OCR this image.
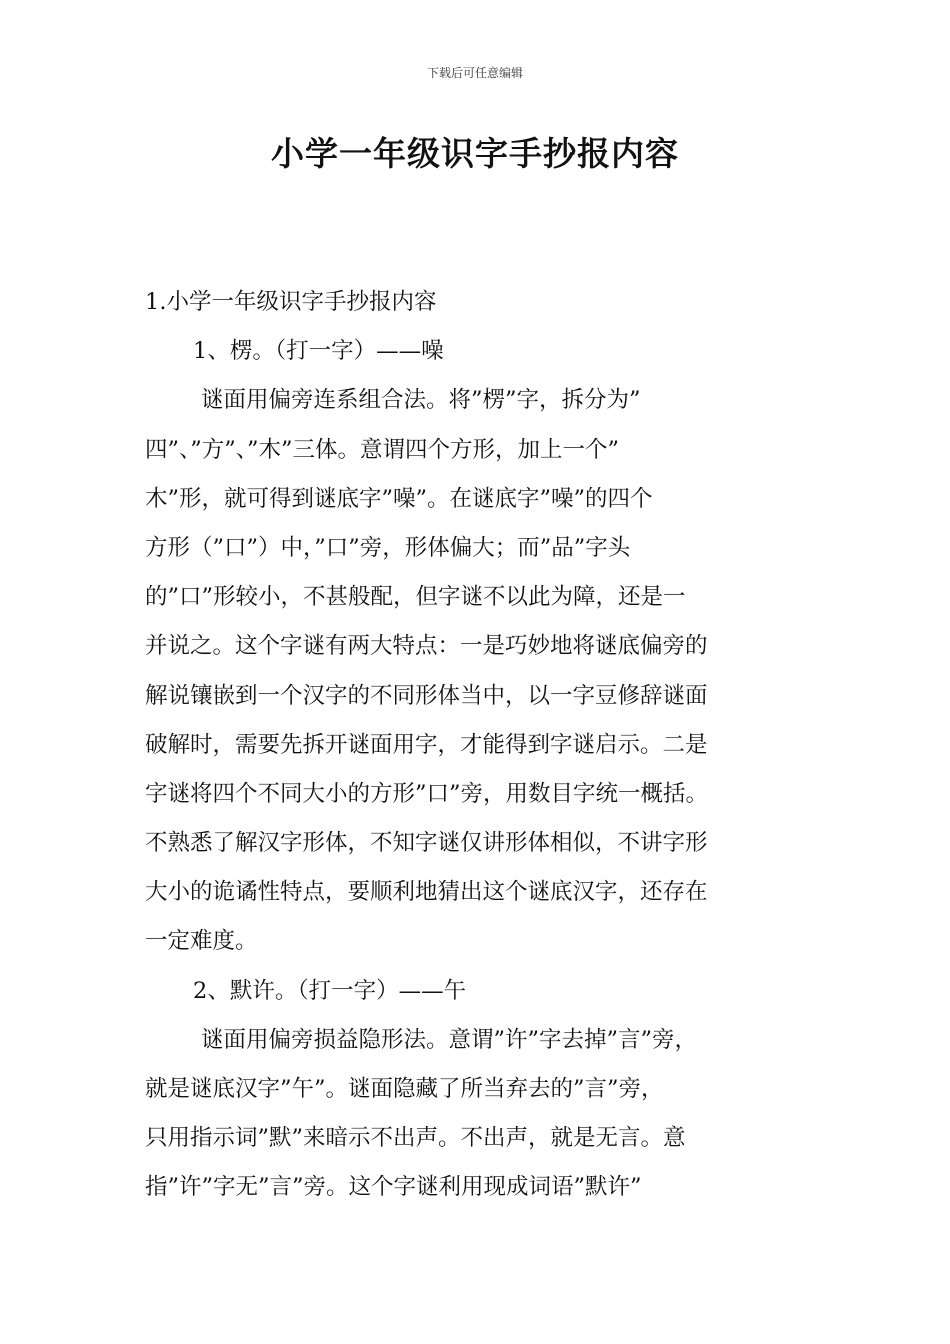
下载后可任意编辑
小学一年级识字手抄报内容
1.小学一年级识字手抄报内容
1、楞。（打一字）——噪
谜面用偏旁连系组合法。将”楞”字，拆分为”
四”、”方”、”木”三体。意谓四个方形，加上一个”
木”形，就可得到谜底字”噪”。在谜底字”噪”的四个
方形（”口”）中，”口”旁，形体偏大；而”品”字头
的”口”形较小，不甚般配，但字谜不以此为障，还是一
并说之。这个字谜有两大特点：一是巧妙地将谜底偏旁的
解说镶嵌到一个汉字的不同形体当中，以一字豆修辞谜面
破解时，需要先拆开谜面用字，才能得到字谜启示。二是
字谜将四个不同大小的方形”口”旁，用数目字统一概括。
不熟悉了解汉字形体，不知字谜仅讲形体相似，不讲字形
大小的诡谲性特点，要顺利地猜出这个谜底汉字，还存在
一定难度。
2、默许。（打一字）——午
谜面用偏旁损益隐形法。意谓”许”字去掉”言”旁，
就是谜底汉字”午”。谜面隐藏了所当弃去的”言”旁，
只用指示词”默”来暗示不出声。不出声，就是无言。意
指”许”字无”言”旁。这个字谜利用现成词语”默许”
